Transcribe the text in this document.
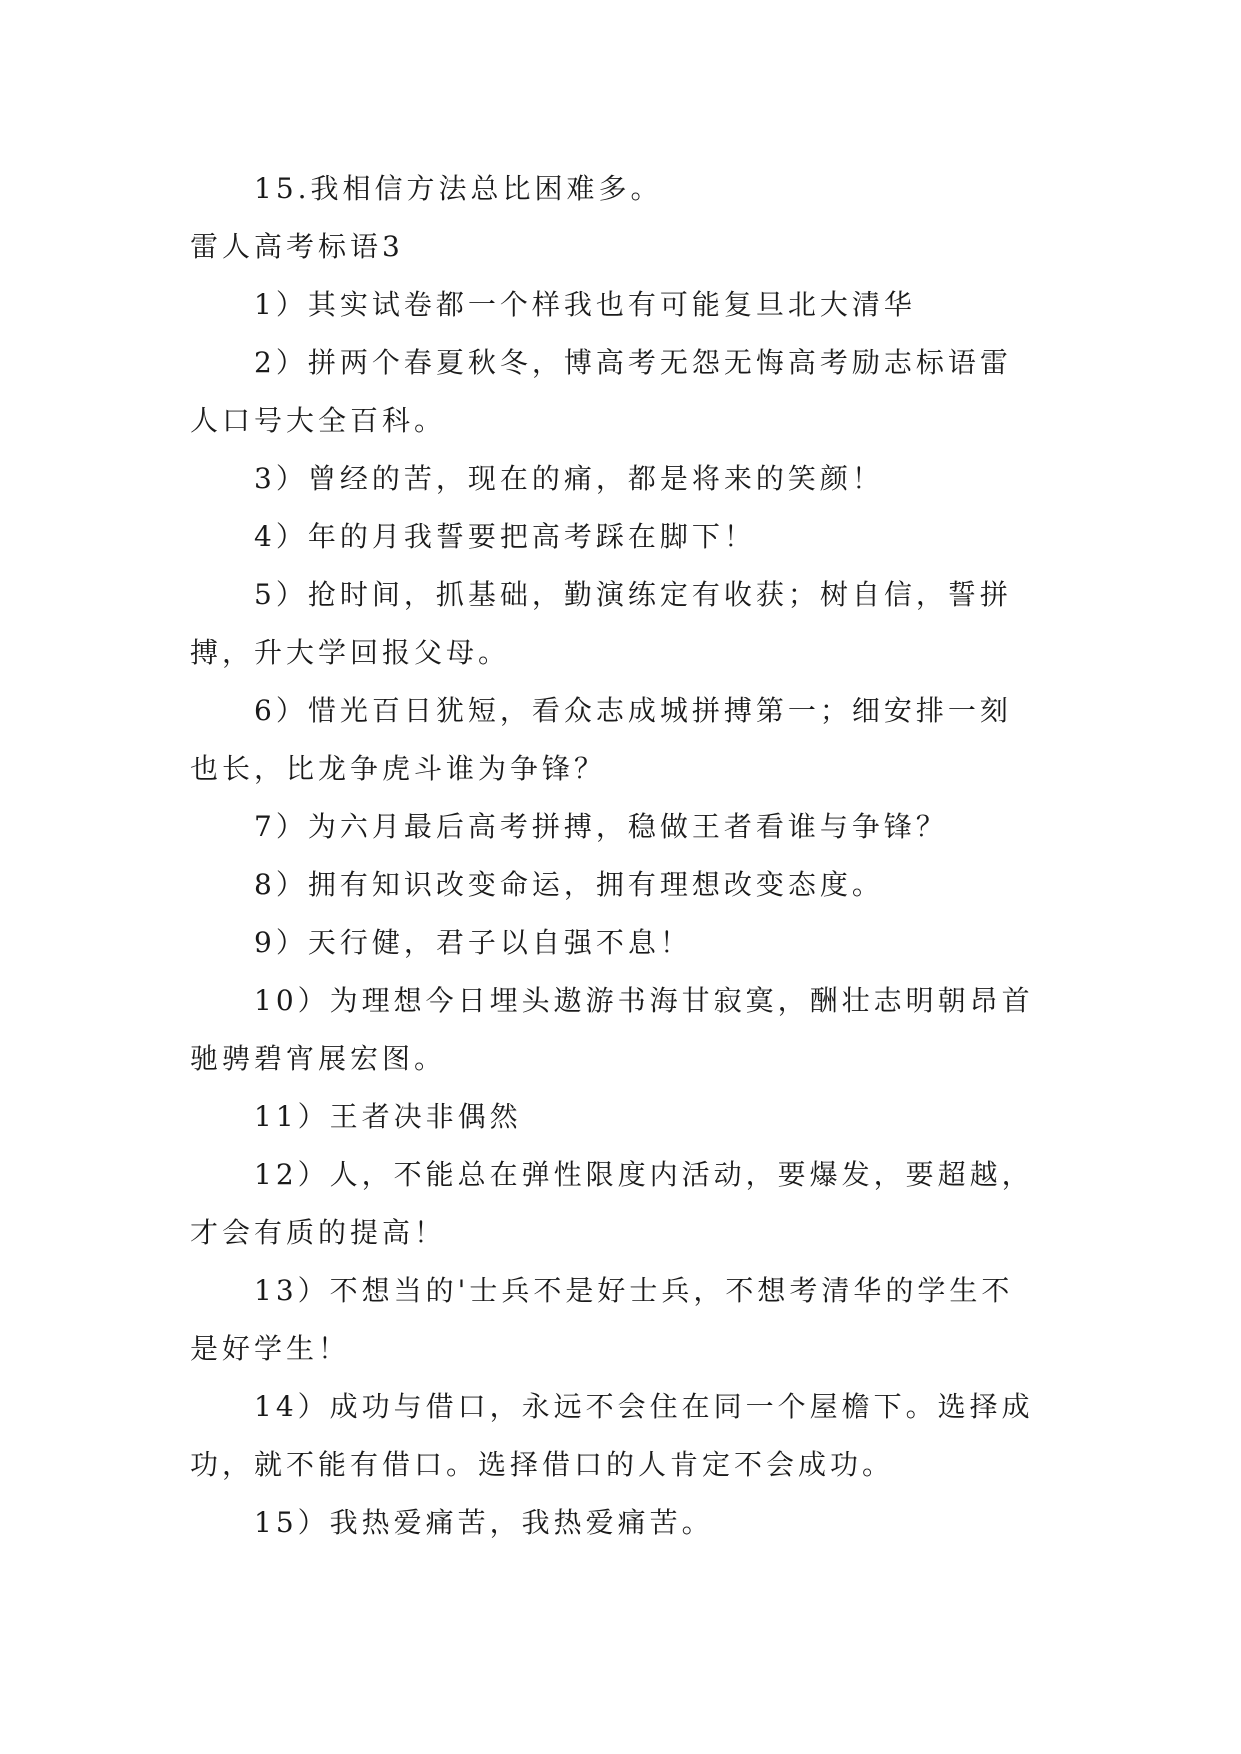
15.我相信方法总比困难多。

雷人高考标语3

1）其实试卷都一个样我也有可能复旦北大清华

2）拼两个春夏秋冬，博高考无怨无悔高考励志标语雷

人口号大全百科。

3）曾经的苦，现在的痛，都是将来的笑颜！

4）年的月我誓要把高考踩在脚下！

5）抢时间，抓基础，勤演练定有收获；树自信，誓拼

搏，升大学回报父母。

6）惜光百日犹短，看众志成城拼搏第一；细安排一刻

也长，比龙争虎斗谁为争锋？

7）为六月最后高考拼搏，稳做王者看谁与争锋？

8）拥有知识改变命运，拥有理想改变态度。

9）天行健，君子以自强不息！

10）为理想今日埋头遨游书海甘寂寞，酬壮志明朝昂首

驰骋碧宵展宏图。

11）王者决非偶然

12）人，不能总在弹性限度内活动，要爆发，要超越，

才会有质的提高！

13）不想当的'士兵不是好士兵，不想考清华的学生不

是好学生！

14）成功与借口，永远不会住在同一个屋檐下。选择成

功，就不能有借口。选择借口的人肯定不会成功。

15）我热爱痛苦，我热爱痛苦。
